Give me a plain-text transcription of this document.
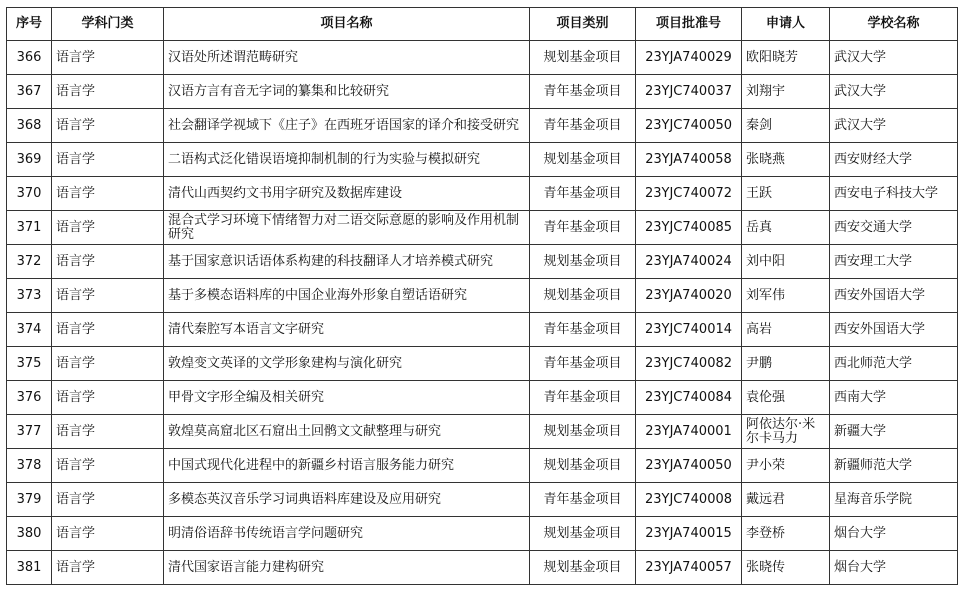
序号	学科门类	项目名称	项目类别	项目批准号	申请人	学校名称
366	语言学	汉语处所述谓范畴研究	规划基金项目	23YJA740029	欧阳晓芳	武汉大学
367	语言学	汉语方言有音无字词的纂集和比较研究	青年基金项目	23YJC740037	刘翔宇	武汉大学
368	语言学	社会翻译学视域下《庄子》在西班牙语国家的译介和接受研究	青年基金项目	23YJC740050	秦剑	武汉大学
369	语言学	二语构式泛化错误语境抑制机制的行为实验与模拟研究	规划基金项目	23YJA740058	张晓燕	西安财经大学
370	语言学	清代山西契约文书用字研究及数据库建设	青年基金项目	23YJC740072	王跃	西安电子科技大学
371	语言学	混合式学习环境下情绪智力对二语交际意愿的影响及作用机制研究	青年基金项目	23YJC740085	岳真	西安交通大学
372	语言学	基于国家意识话语体系构建的科技翻译人才培养模式研究	规划基金项目	23YJA740024	刘中阳	西安理工大学
373	语言学	基于多模态语料库的中国企业海外形象自塑话语研究	规划基金项目	23YJA740020	刘军伟	西安外国语大学
374	语言学	清代秦腔写本语言文字研究	青年基金项目	23YJC740014	高岩	西安外国语大学
375	语言学	敦煌变文英译的文学形象建构与演化研究	青年基金项目	23YJC740082	尹鹏	西北师范大学
376	语言学	甲骨文字形全编及相关研究	青年基金项目	23YJC740084	袁伦强	西南大学
377	语言学	敦煌莫高窟北区石窟出土回鹘文文献整理与研究	规划基金项目	23YJA740001	阿依达尔·米尔卡马力	新疆大学
378	语言学	中国式现代化进程中的新疆乡村语言服务能力研究	规划基金项目	23YJA740050	尹小荣	新疆师范大学
379	语言学	多模态英汉音乐学习词典语料库建设及应用研究	青年基金项目	23YJC740008	戴远君	星海音乐学院
380	语言学	明清俗语辞书传统语言学问题研究	规划基金项目	23YJA740015	李登桥	烟台大学
381	语言学	清代国家语言能力建构研究	规划基金项目	23YJA740057	张晓传	烟台大学
